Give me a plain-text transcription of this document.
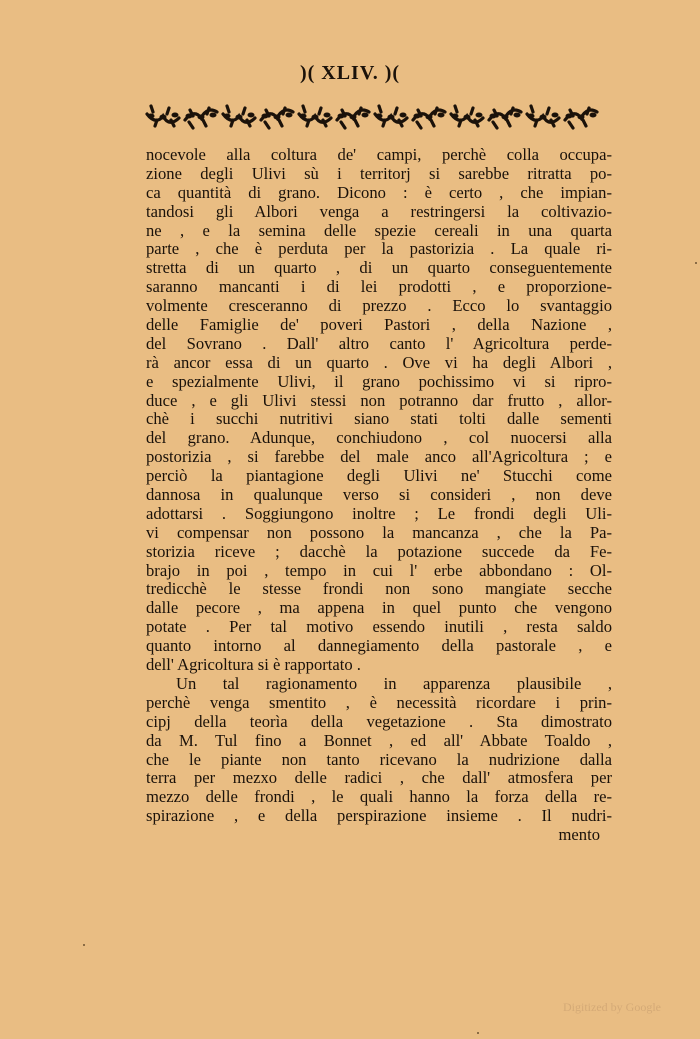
)( XLIV. )(
nocevole alla coltura de' campi, perchè colla occupa-
zione degli Ulivi sù i territorj si sarebbe ritratta po-
ca quantità di grano. Dicono : è certo , che impian-
tandosi gli Albori venga a restringersi la coltivazio-
ne , e la semina delle spezie cereali in una quarta
parte , che è perduta per la pastorizia . La quale ri-
stretta di un quarto , di un quarto conseguentemente
saranno mancanti i di lei prodotti , e proporzione-
volmente cresceranno di prezzo . Ecco lo svantaggio
delle Famiglie de' poveri Pastori , della Nazione ,
del Sovrano . Dall' altro canto l' Agricoltura perde-
rà ancor essa di un quarto . Ove vi ha degli Albori ,
e spezialmente Ulivi, il grano pochissimo vi si ripro-
duce , e gli Ulivi stessi non potranno dar frutto , allor-
chè i succhi nutritivi siano stati tolti dalle sementi
del grano. Adunque, conchiudono , col nuocersi alla
postorizia , si farebbe del male anco all'Agricoltura ; e
perciò la piantagione degli Ulivi ne' Stucchi come
dannosa in qualunque verso si consideri , non deve
adottarsi . Soggiungono inoltre ; Le frondi degli Uli-
vi compensar non possono la mancanza , che la Pa-
storizia riceve ; dacchè la potazione succede da Fe-
brajo in poi , tempo in cui l' erbe abbondano : Ol-
tredicchè le stesse frondi non sono mangiate secche
dalle pecore , ma appena in quel punto che vengono
potate . Per tal motivo essendo inutili , resta saldo
quanto intorno al dannegiamento della pastorale , e
dell' Agricoltura si è rapportato .
Un tal ragionamento in apparenza plausibile ,
perchè venga smentito , è necessità ricordare i prin-
cipj della teorìa della vegetazione . Sta dimostrato
da M. Tul fino a Bonnet , ed all' Abbate Toaldo ,
che le piante non tanto ricevano la nudrizione dalla
terra per mezxo delle radici , che dall' atmosfera per
mezzo delle frondi , le quali hanno la forza della re-
spirazione , e della perspirazione insieme . Il nudri-
mento
Digitized by Google
